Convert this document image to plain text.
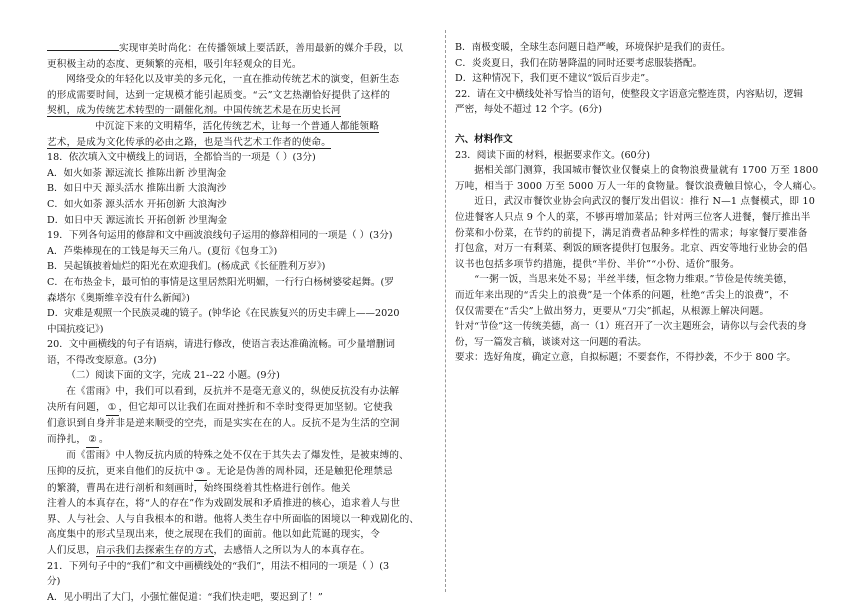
实现审美时尚化：在传播领域上要活跃，善用最新的媒介手段，以
更积极主动的态度、更频繁的亮相，吸引年轻观众的目光。
网络受众的年轻化以及审美的多元化，一直在推动传统艺术的演变，但新生态
的形成需要时间，达到一定规模才能引起质变。“云”文艺热潮恰好提供了这样的
契机，成为传统艺术转型的一副催化剂。中国传统艺术是在历史长河
中沉淀下来的文明精华，活化传统艺术，让每一个普通人都能领略
艺术，是成为文化传承的必由之路，也是当代艺术工作者的使命。
18．依次填入文中横线上的词语，全都恰当的一项是（ ）(3分)
A．如火如荼 源远流长 推陈出新 沙里淘金
B．如日中天 源头活水 推陈出新 大浪淘沙
C．如火如荼 源头活水 开拓创新 大浪淘沙
D．如日中天 源远流长 开拓创新 沙里淘金
19．下列各句运用的修辞和文中画波浪线句子运用的修辞相同的一项是（ ）(3分)
A．芦柴棒现在的工钱是每天三角八。(夏衍《包身工》)
B．吴起镇披着灿烂的阳光在欢迎我们。(杨成武《长征胜利万岁》)
C．在布热金卡，最可怕的事情是这里居然阳光明媚，一行行白杨树婆娑起舞。(罗
森塔尔《奥斯维辛没有什么新闻》)
D．灾难是观照一个民族灵魂的镜子。(钟华论《在民族复兴的历史丰碑上——2020
中国抗疫记》)
20．文中画横线的句子有语病，请进行修改，使语言表达准确流畅。可少量增删词
语，不得改变原意。(3分)
（二）阅读下面的文字，完成 21--22 小题。(9分)
在《雷雨》中，我们可以看到，反抗并不是毫无意义的，纵使反抗没有办法解
决所有问题， ① ，但它却可以让我们在面对挫折和不幸时变得更加坚韧。它使我
们意识到自身并非是逆来顺受的空壳，而是实实在在的人。反抗不是为生活的空洞
而挣扎， ② 。
而《雷雨》中人物反抗内质的特殊之处不仅在于其失去了爆发性，是被束缚的、
压抑的反抗，更来自他们的反抗中 ③ 。无论是伪善的周朴园，还是触犯伦理禁忌
的繁漪，曹禺在进行剖析和刻画时，始终围绕着其性格进行创作。他关
注着人的本真存在，将“人的存在”作为戏剧发展和矛盾推进的核心，追求着人与世
界、人与社会、人与自我根本的和谐。他将人类生存中所面临的困境以一种戏剧化的、
高度集中的形式呈现出来，使之展现在我们的面前。他以如此荒诞的现实，令
人们反思，启示我们去探索生存的方式，去感悟人之所以为人的本真存在。
21．下列句子中的“我们”和文中画横线处的“我们”，用法不相同的一项是（ ）(3
分)
A．见小明出了大门，小强忙催促道：“我们快走吧，要迟到了！”
B．南极变暖，全球生态问题日趋严峻，环境保护是我们的责任。
C．炎炎夏日，我们在防暑降温的同时还要考虑服装搭配。
D．这种情况下，我们更不建议“饭后百步走”。
22．请在文中横线处补写恰当的语句，使整段文字语意完整连贯，内容贴切，逻辑
严密，每处不超过 12 个字。(6分)
六、材料作文
23．阅读下面的材料，根据要求作文。(60分)
据相关部门测算，我国城市餐饮业仅餐桌上的食物浪费量就有 1700 万至 1800
万吨，相当于 3000 万至 5000 万人一年的食物量。餐饮浪费触目惊心，令人痛心。
近日，武汉市餐饮业协会向武汉的餐厅发出倡议：推行 N—1 点餐模式，即 10
位进餐客人只点 9 个人的菜，不够再增加菜品；针对两三位客人进餐，餐厅推出半
份菜和小份菜，在节约的前提下，满足消费者品种多样性的需求；每家餐厅要准备
打包盒，对万一有剩菜、剩饭的顾客提供打包服务。北京、西安等地行业协会的倡
议书也包括多项节约措施，提供“半份、半价”“小份、适价”服务。
“一粥一饭，当思来处不易；半丝半缕，恒念物力维艰。”节俭是传统美德，
而近年来出现的“舌尖上的浪费”是一个体系的问题，杜绝“舌尖上的浪费”，不
仅仅需要在“舌尖”上做出努力，更要从“刀尖”抓起，从根源上解决问题。
针对“节俭”这一传统美德，高一（1）班召开了一次主题班会，请你以与会代表的身
份，写一篇发言稿，谈谈对这一问题的看法。
要求：选好角度，确定立意，自拟标题；不要套作，不得抄袭，不少于 800 字。
